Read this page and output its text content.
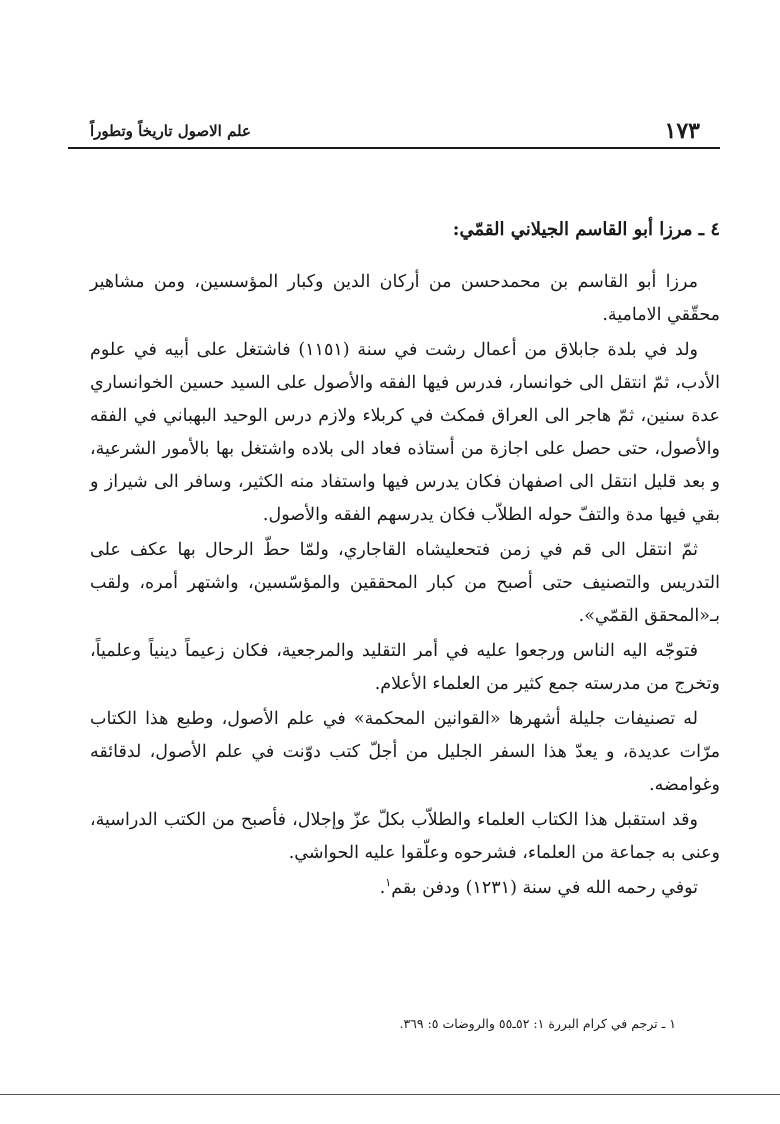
١٧٣
علم الاصول تاريخاً وتطوراً
٤ ـ مرزا أبو القاسم الجيلاني القمّي:

مرزا أبو القاسم بن محمدحسن من أركان الدين وكبار المؤسسين، ومن مشاهير محقّقي الامامية.

ولد في بلدة جابلاق من أعمال رشت في سنة (١١٥١) فاشتغل على أبيه في علوم الأدب، ثمّ انتقل الى خوانسار، فدرس فيها الفقه والأصول على السيد حسين الخوانساري عدة سنين، ثمّ هاجر الى العراق فمكث في كربلاء ولازم درس الوحيد البهباني في الفقه والأصول، حتى حصل على اجازة من أستاذه فعاد الى بلاده واشتغل بها بالأمور الشرعية، و بعد قليل انتقل الى اصفهان فكان يدرس فيها واستفاد منه الكثير، وسافر الى شيراز و بقي فيها مدة والتفّ حوله الطلاّب فكان يدرسهم الفقه والأصول.

ثمّ انتقل الى قم في زمن فتحعليشاه القاجاري، ولمّا حطّ الرحال بها عكف على التدريس والتصنيف حتى أصبح من كبار المحققين والمؤسّسين، واشتهر أمره، ولقب بـ«المحقق القمّي».

فتوجّه اليه الناس ورجعوا عليه في أمر التقليد والمرجعية، فكان زعيماً دينياً وعلمياً، وتخرج من مدرسته جمع كثير من العلماء الأعلام.

له تصنيفات جليلة أشهرها «القوانين المحكمة» في علم الأصول، وطبع هذا الكتاب مرّات عديدة، و يعدّ هذا السفر الجليل من أجلّ كتب دوّنت في علم الأصول، لدقائقه وغوامضه.

وقد استقبل هذا الكتاب العلماء والطلاّب بكلّ عزّ وإجلال، فأصبح من الكتب الدراسية، وعنى به جماعة من العلماء، فشرحوه وعلّقوا عليه الحواشي.

توفي رحمه الله في سنة (١٢٣١) ودفن بقم$^١$.

١ ـ ترجم في كرام البررة ١: ٥٢ـ٥٥ والروضات ٥: ٣٦٩.
